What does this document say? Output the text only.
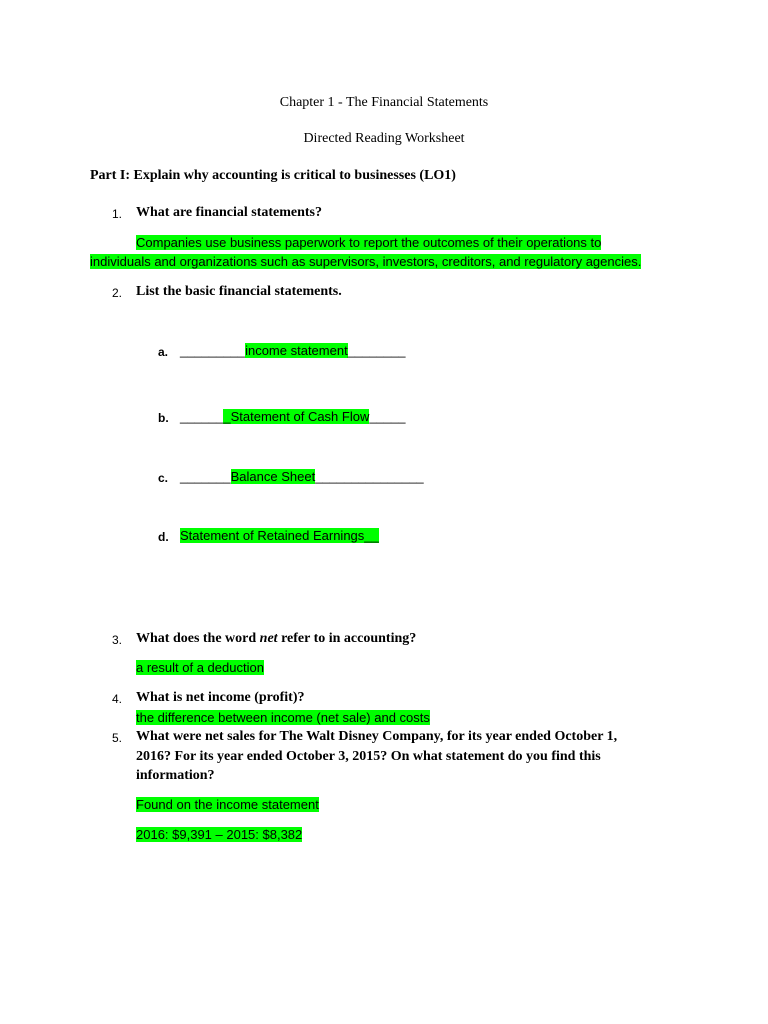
Chapter 1 - The Financial Statements
Directed Reading Worksheet
Part I: Explain why accounting is critical to businesses (LO1)
1. What are financial statements?
Companies use business paperwork to report the outcomes of their operations to
individuals and organizations such as supervisors, investors, creditors, and regulatory agencies.
2. List the basic financial statements.
a. _________income statement________
b. _______Statement of Cash Flow_____
c. _______Balance Sheet_______________
d. Statement of Retained Earnings__
3. What does the word net refer to in accounting?
a result of a deduction
4. What is net income (profit)?
the difference between income (net sale) and costs
5. What were net sales for The Walt Disney Company, for its year ended October 1,
2016? For its year ended October 3, 2015? On what statement do you find this
information?
Found on the income statement
2016: $9,391 – 2015: $8,382
